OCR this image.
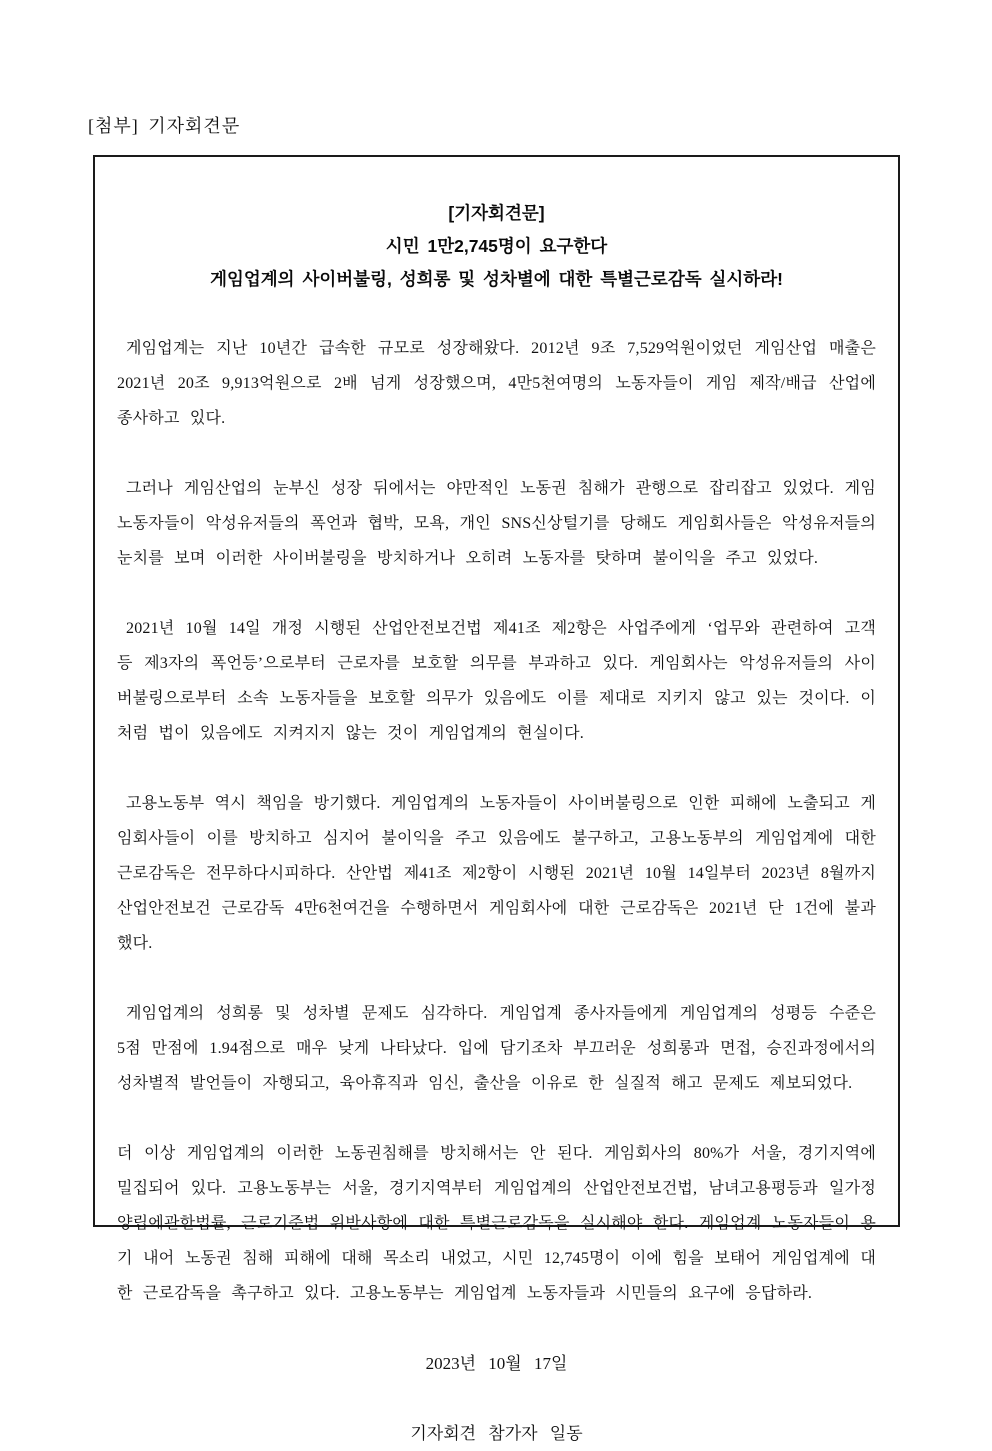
[첨부] 기자회견문
[기자회견문]
시민 1만2,745명이 요구한다
게임업계의 사이버불링, 성희롱 및 성차별에 대한 특별근로감독 실시하라!

게임업계는 지난 10년간 급속한 규모로 성장해왔다. 2012년 9조 7,529억원이었던 게임산업 매출은 2021년 20조 9,913억원으로 2배 넘게 성장했으며, 4만5천여명의 노동자들이 게임 제작/배급 산업에 종사하고 있다.

그러나 게임산업의 눈부신 성장 뒤에서는 야만적인 노동권 침해가 관행으로 잡리잡고 있었다. 게임 노동자들이 악성유저들의 폭언과 협박, 모욕, 개인 SNS신상털기를 당해도 게임회사들은 악성유저들의 눈치를 보며 이러한 사이버불링을 방치하거나 오히려 노동자를 탓하며 불이익을 주고 있었다.

2021년 10월 14일 개정 시행된 산업안전보건법 제41조 제2항은 사업주에게 ‘업무와 관련하여 고객등 제3자의 폭언등’으로부터 근로자를 보호할 의무를 부과하고 있다. 게임회사는 악성유저들의 사이버불링으로부터 소속 노동자들을 보호할 의무가 있음에도 이를 제대로 지키지 않고 있는 것이다. 이처럼 법이 있음에도 지켜지지 않는 것이 게임업계의 현실이다.

고용노동부 역시 책임을 방기했다. 게임업계의 노동자들이 사이버불링으로 인한 피해에 노출되고 게임회사들이 이를 방치하고 심지어 불이익을 주고 있음에도 불구하고, 고용노동부의 게임업계에 대한 근로감독은 전무하다시피하다. 산안법 제41조 제2항이 시행된 2021년 10월 14일부터 2023년 8월까지 산업안전보건 근로감독 4만6천여건을 수행하면서 게임회사에 대한 근로감독은 2021년 단 1건에 불과했다.

게임업계의 성희롱 및 성차별 문제도 심각하다. 게임업계 종사자들에게 게임업계의 성평등 수준은 5점 만점에 1.94점으로 매우 낮게 나타났다. 입에 담기조차 부끄러운 성희롱과 면접, 승진과정에서의 성차별적 발언들이 자행되고, 육아휴직과 임신, 출산을 이유로 한 실질적 해고 문제도 제보되었다.

더 이상 게임업계의 이러한 노동권침해를 방치해서는 안 된다. 게임회사의 80%가 서울, 경기지역에 밀집되어 있다. 고용노동부는 서울, 경기지역부터 게임업계의 산업안전보건법, 남녀고용평등과 일가정양립에관한법률, 근로기준법 위반사항에 대한 특별근로감독을 실시해야 한다. 게임업계 노동자들이 용기 내어 노동권 침해 피해에 대해 목소리 내었고, 시민 12,745명이 이에 힘을 보태어 게임업계에 대한 근로감독을 촉구하고 있다. 고용노동부는 게임업계 노동자들과 시민들의 요구에 응답하라.

2023년 10월 17일
기자회견 참가자 일동
